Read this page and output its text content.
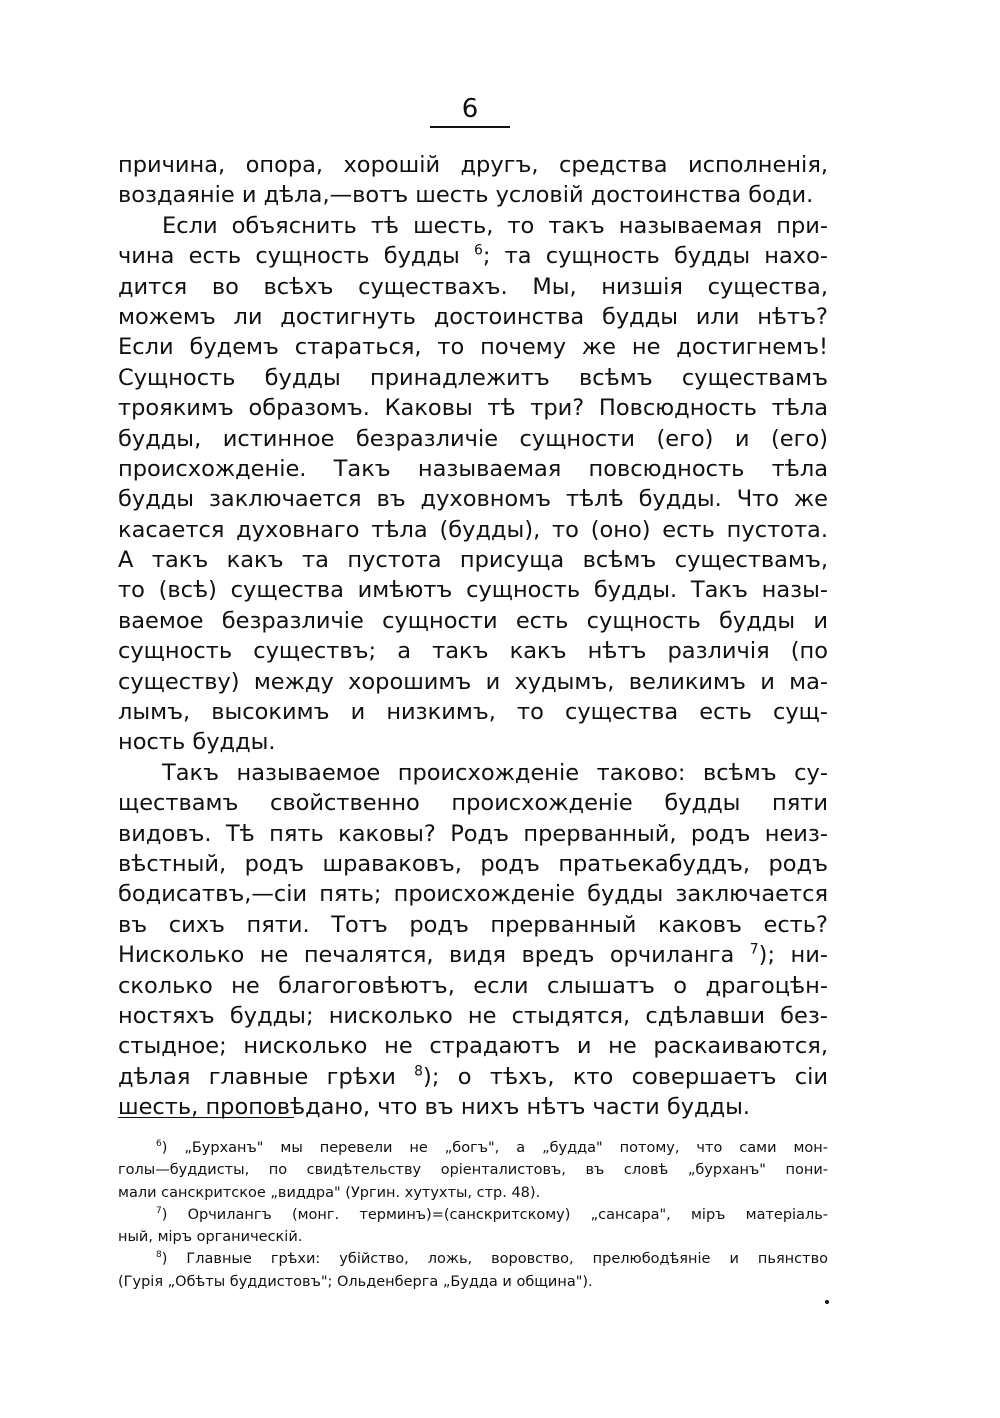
6
причина, опора, хорошій другъ, средства исполненія,
воздаяніе и дѣла,—вотъ шесть условій достоинства боди.
Если объяснить тѣ шесть, то такъ называемая при-
чина есть сущность будды $^6$; та сущность будды нахо-
дится во всѣхъ существахъ. Мы, низшія существа,
можемъ ли достигнуть достоинства будды или нѣтъ?
Если будемъ стараться, то почему же не достигнемъ!
Сущность будды принадлежитъ всѣмъ существамъ
троякимъ образомъ. Каковы тѣ три? Повсюдность тѣла
будды, истинное безразличіе сущности (его) и (его)
происхожденіе. Такъ называемая повсюдность тѣла
будды заключается въ духовномъ тѣлѣ будды. Что же
касается духовнаго тѣла (будды), то (оно) есть пустота.
А такъ какъ та пустота присуща всѣмъ существамъ,
то (всѣ) существа имѣютъ сущность будды. Такъ назы-
ваемое безразличіе сущности есть сущность будды и
сущность существъ; а такъ какъ нѣтъ различія (по
существу) между хорошимъ и худымъ, великимъ и ма-
лымъ, высокимъ и низкимъ, то существа есть сущ-
ность будды.
Такъ называемое происхожденіе таково: всѣмъ су-
ществамъ свойственно происхожденіе будды пяти
видовъ. Тѣ пять каковы? Родъ прерванный, родъ неиз-
вѣстный, родъ шраваковъ, родъ пратьекабуддъ, родъ
бодисатвъ,—сіи пять; происхожденіе будды заключается
въ сихъ пяти. Тотъ родъ прерванный каковъ есть?
Нисколько не печалятся, видя вредъ орчиланга $^7$); ни-
сколько не благоговѣютъ, если слышатъ о драгоцѣн-
ностяхъ будды; нисколько не стыдятся, сдѣлавши без-
стыдное; нисколько не страдаютъ и не раскаиваются,
дѣлая главные грѣхи $^8$); о тѣхъ, кто совершаетъ сіи
шесть, проповѣдано, что въ нихъ нѣтъ части будды.
$^6$) „Бурханъ" мы перевели не „богъ", а „будда" потому, что сами мон-
голы—буддисты, по свидѣтельству оріенталистовъ, въ словѣ „бурханъ" пони-
мали санскритское „виддра" (Ургин. хутухты, стр. 48).
$^7$) Орчилангъ (монг. терминъ)=(санскритскому) „сансара", міръ матеріаль-
ный, міръ органическій.
$^8$) Главные грѣхи: убійство, ложь, воровство, прелюбодѣяніе и пьянство
(Гурія „Обѣты буддистовъ"; Ольденберга „Будда и община").
